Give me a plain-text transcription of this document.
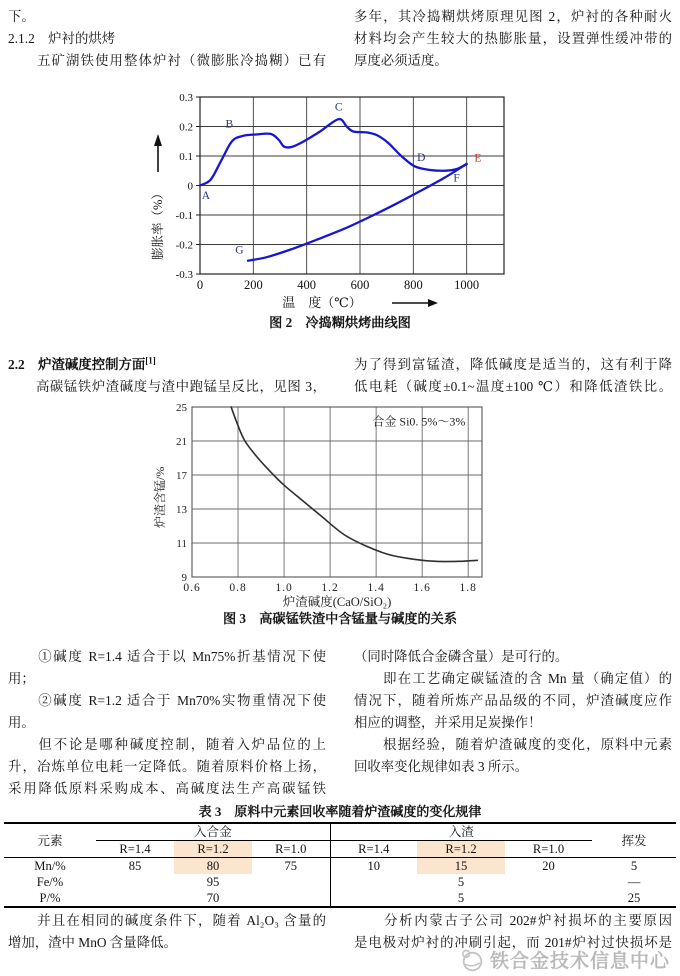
下。
2.1.2　炉衬的烘烤
　　五矿湖铁使用整体炉衬（微膨胀冷捣糊）已有
多年，其冷捣糊烘烤原理见图 2，炉衬的各种耐火
材料均会产生较大的热膨胀量，设置弹性缓冲带的
厚度必须适度。
0.3
0.2
0.1
0
-0.1
-0.2
-0.3
0	200	400	600	800	1000
温　度（℃）
膨胀率（%）	A
B
C
D	E
F
G
图 2　冷捣糊烘烤曲线图
2.2　炉渣碱度控制方面[1]
　　高碳锰铁炉渣碱度与渣中跑锰呈反比，见图 3，
为了得到富锰渣，降低碱度是适当的，这有利于降
低电耗（碱度±0.1~温度±100 ℃）和降低渣铁比。
25
21
17
13
11
9
0.6 0.8 1.0 1.2 1.4 1.6 1.8
炉渣碱度(CaO/SiO₂)
炉渣含锰/%
合金 Si0. 5%～3%
图 3　高碳锰铁渣中含锰量与碱度的关系
　　①碱度 R=1.4 适合于以 Mn75%折基情况下使
用；
　　②碱度 R=1.2 适合于 Mn70%实物重情况下使
用。
　　但不论是哪种碱度控制，随着入炉品位的上
升，冶炼单位电耗一定降低。随着原料价格上扬，
采用降低原料采购成本、高碱度法生产高碳锰铁
（同时降低合金磷含量）是可行的。
　　即在工艺确定碳锰渣的含 Mn 量（确定值）的
情况下，随着所炼产品品级的不同，炉渣碱度应作
相应的调整，并采用足炭操作！
　　根据经验，随着炉渣碱度的变化，原料中元素
回收率变化规律如表 3 所示。
表 3　原料中元素回收率随着炉渣碱度的变化规律
元素	入合金			入渣			挥发
	R=1.4	R=1.2	R=1.0	R=1.4	R=1.2	R=1.0	
Mn/%	85	80	75	10	15	20	5
Fe/%		95			5		—
P/%		70			5		25
　　并且在相同的碱度条件下，随着 Al₂O₃ 含量的
增加，渣中 MnO 含量降低。
　　分析内蒙古子公司 202#炉衬损坏的主要原因
是电极对炉衬的冲刷引起，而 201#炉衬过快损坏是
铁合金技术信息中心
